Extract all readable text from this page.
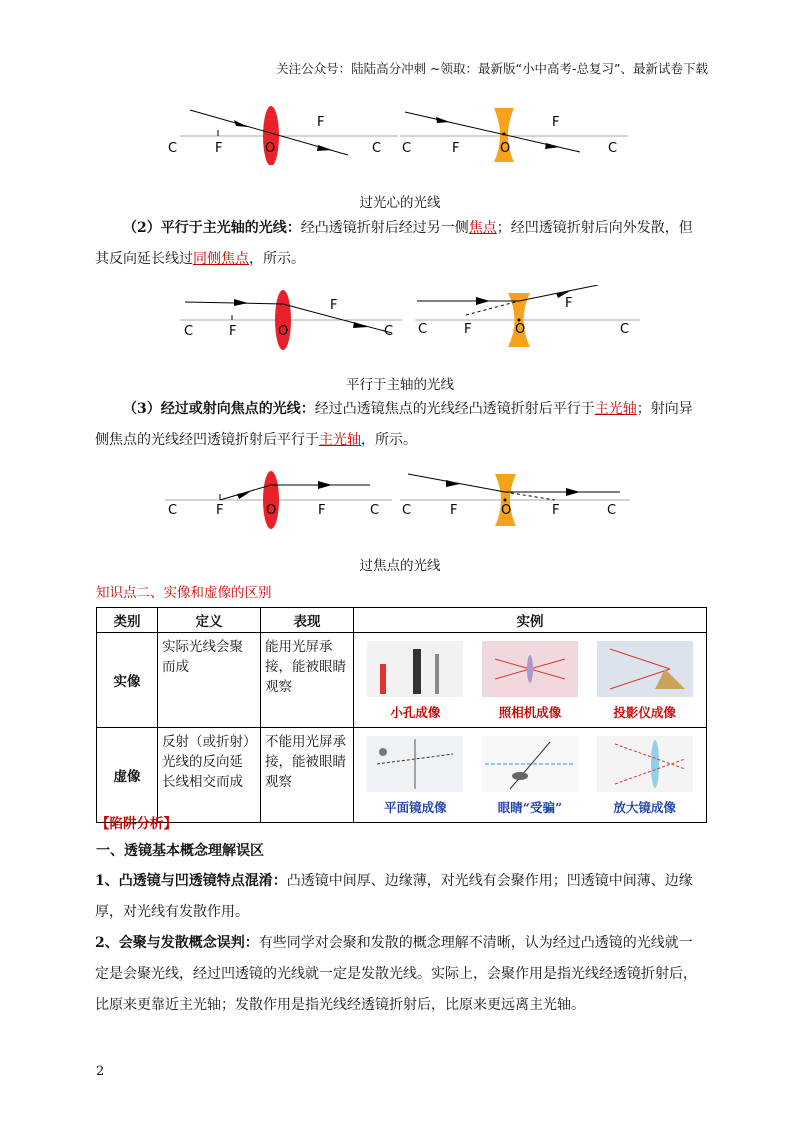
关注公众号：陆陆高分冲刺 ~领取：最新版“小中高考-总复习”、最新试卷下载
C	F	O
F
C C	F	O
F
C
过光心的光线
（2）平行于主光轴的光线：经凸透镜折射后经过另一侧焦点；经凹透镜折射后向外发散，但
其反向延长线过同侧焦点，所示。
C	F	O
F
C C	F	O
F
C
平行于主轴的光线
（3）经过或射向焦点的光线：经过凸透镜焦点的光线经凸透镜折射后平行于主光轴；射向异
侧焦点的光线经凹透镜折射后平行于主光轴，所示。
C	F	O	F	C C	F	O	F	C
过焦点的光线
知识点二、实像和虚像的区别
类别	定义	表现	实例
实像	实际光线会聚而成	能用光屏承接，能被眼睛观察	小孔成像 照相机成像 投影仪成像

虚像	反射（或折射）光线的反向延长线相交而成	不能用光屏承接，能被眼睛观察	平面镜成像 眼睛“受骗” 放大镜成像
【陷阱分析】
一、透镜基本概念理解误区
1、凸透镜与凹透镜特点混淆：凸透镜中间厚、边缘薄，对光线有会聚作用；凹透镜中间薄、边缘
厚，对光线有发散作用。
2、会聚与发散概念误判：有些同学对会聚和发散的概念理解不清晰，认为经过凸透镜的光线就一
定是会聚光线，经过凹透镜的光线就一定是发散光线。实际上，会聚作用是指光线经透镜折射后，
比原来更靠近主光轴；发散作用是指光线经透镜折射后，比原来更远离主光轴。
2
